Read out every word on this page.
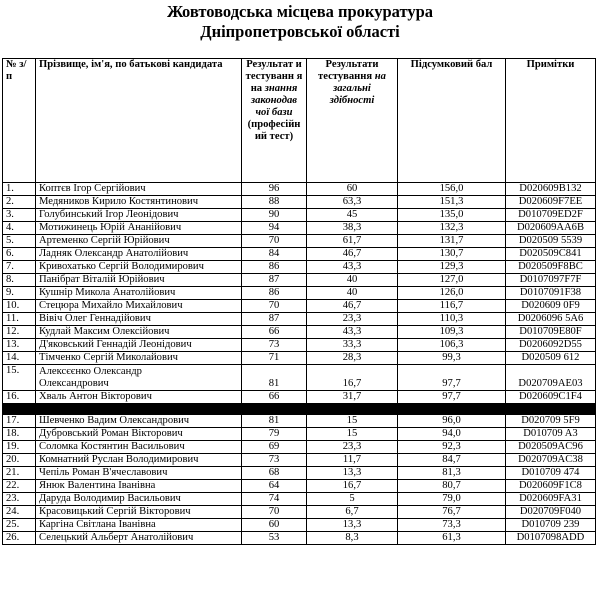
Жовтоводська місцева прокуратура
Дніпропетровської області
№ з/п	Прізвище, ім'я, по батькові кандидата	Результат и тестуванн я на знання законодав чої бази (професійн ий тест)	Результати тестування на загальні здібності	Підсумковий бал	Примітки
1.	Коптєв Ігор Сергійович	96	60	156,0	D020609B132
2.	Медяников Кирило Костянтинович	88	63,3	151,3	D020609F7EE
3.	Голубинський Ігор Леонідович	90	45	135,0	D010709ED2F
4.	Мотижинець Юрій Ананійович	94	38,3	132,3	D020609AA6B
5.	Артеменко Сергій Юрійович	70	61,7	131,7	D020509 5539
6.	Ладняк Олександр Анатолійович	84	46,7	130,7	D020509C841
7.	Кривохатько Сергій Володимирович	86	43,3	129,3	D020509F8BC
8.	Панібрат Віталій Юрійович	87	40	127,0	D0107097F7F
9.	Кушнір Микола Анатолійович	86	40	126,0	D0107091F38
10.	Стецюра Михайло Михайлович	70	46,7	116,7	D020609 0F9
11.	Вівіч Олег Геннадійович	87	23,3	110,3	D0206096 5A6
12.	Кудлай Максим Олексійович	66	43,3	109,3	D010709E80F
13.	Д'яковський Геннадій Леонідович	73	33,3	106,3	D0206092D55
14.	Тімченко Сергій Миколайович	71	28,3	99,3	D020509 612
15.	Алексєєнко Олександр
Олександрович	81	16,7	97,7	D020709AE03
16.	Хваль Антон Вікторович	66	31,7	97,7	D020609C1F4

17.	Шевченко Вадим Олександрович	81	15	96,0	D020709 5F9
18.	Дубровський Роман Вікторович	79	15	94,0	D010709 A3
19.	Соломка Костянтин Васильович	69	23,3	92,3	D020509AC96
20.	Комнатний Руслан Володимирович	73	11,7	84,7	D020709AC38
21.	Чепіль Роман В'ячеславович	68	13,3	81,3	D010709 474
22.	Янюк Валентина Іванівна	64	16,7	80,7	D020609F1C8
23.	Даруда Володимир Васильович	74	5	79,0	D020609FA31
24.	Красовицький Сергій Вікторович	70	6,7	76,7	D020709F040
25.	Каргіна Світлана Іванівна	60	13,3	73,3	D010709 239
26.	Селецький Альберт Анатолійович	53	8,3	61,3	D0107098ADD
